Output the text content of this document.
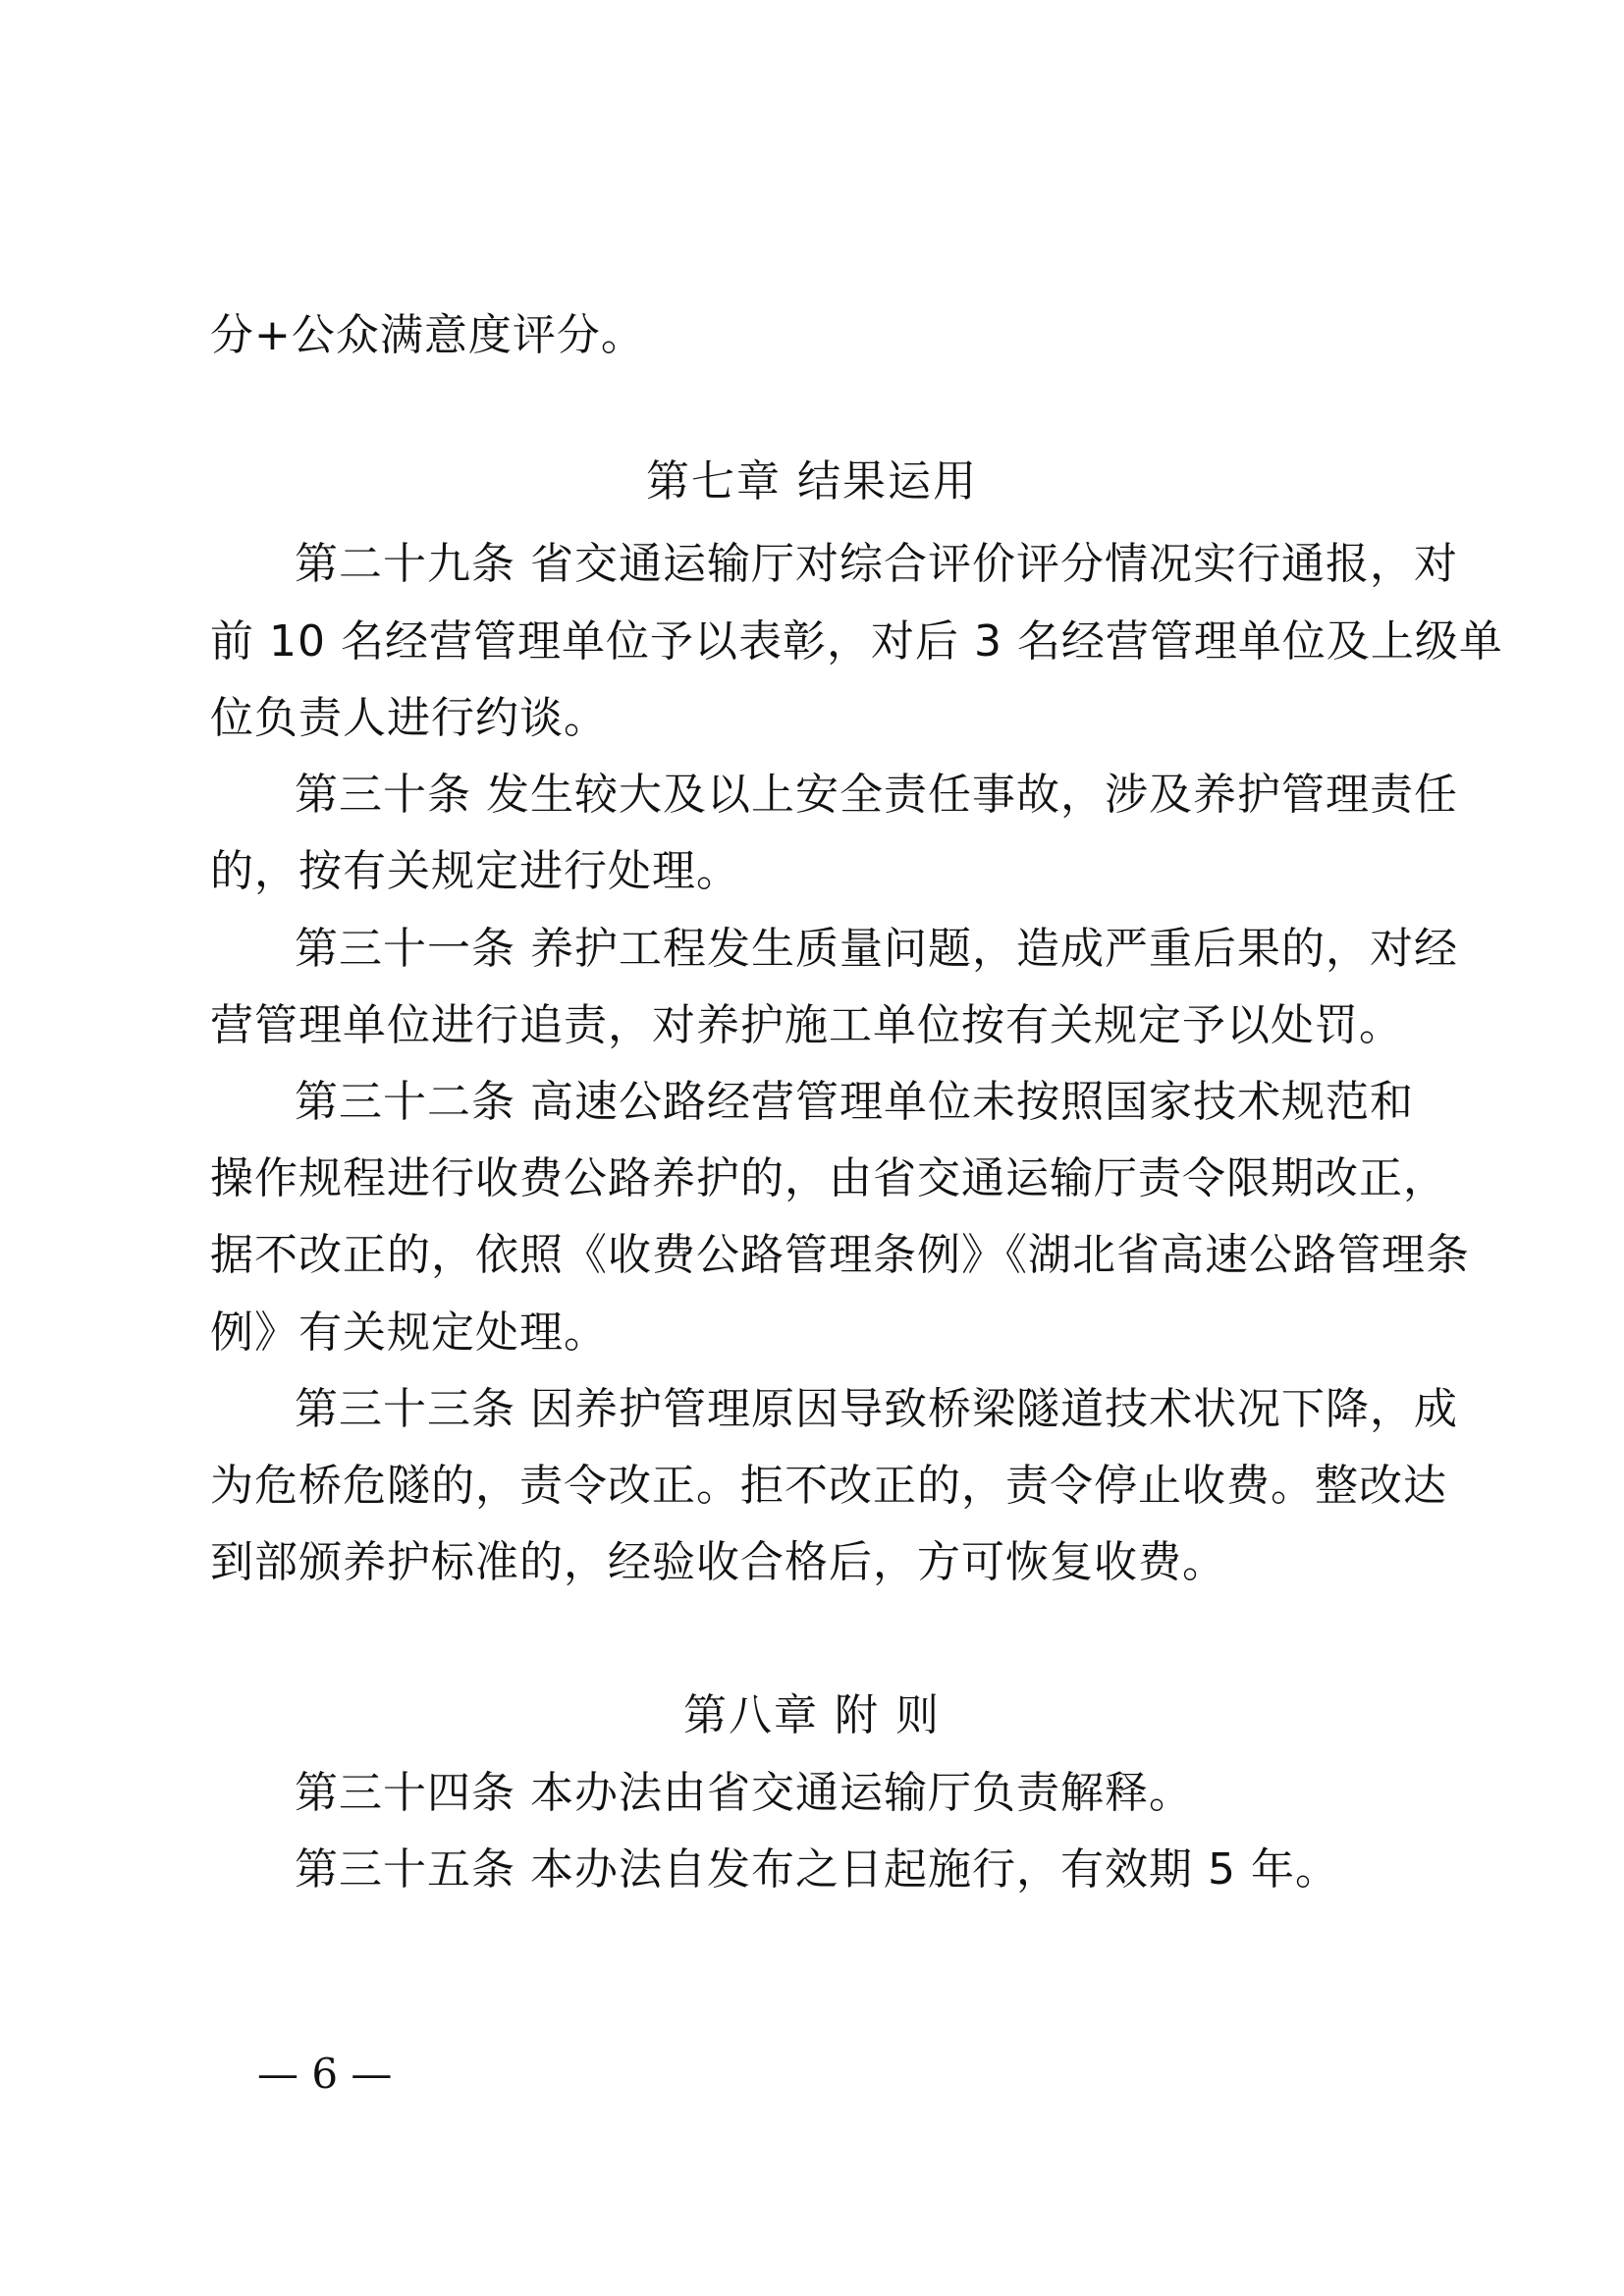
分+公众满意度评分。
第七章 结果运用
第二十九条 省交通运输厅对综合评价评分情况实行通报，对
前 10 名经营管理单位予以表彰，对后 3 名经营管理单位及上级单
位负责人进行约谈。
第三十条 发生较大及以上安全责任事故，涉及养护管理责任
的，按有关规定进行处理。
第三十一条 养护工程发生质量问题，造成严重后果的，对经
营管理单位进行追责，对养护施工单位按有关规定予以处罚。
第三十二条 高速公路经营管理单位未按照国家技术规范和
操作规程进行收费公路养护的，由省交通运输厅责令限期改正，
据不改正的，依照《收费公路管理条例》《湖北省高速公路管理条
例》有关规定处理。
第三十三条 因养护管理原因导致桥梁隧道技术状况下降，成
为危桥危隧的，责令改正。拒不改正的，责令停止收费。整改达
到部颁养护标准的，经验收合格后，方可恢复收费。
第八章 附 则
第三十四条 本办法由省交通运输厅负责解释。
第三十五条 本办法自发布之日起施行，有效期 5 年。
— 6 —
